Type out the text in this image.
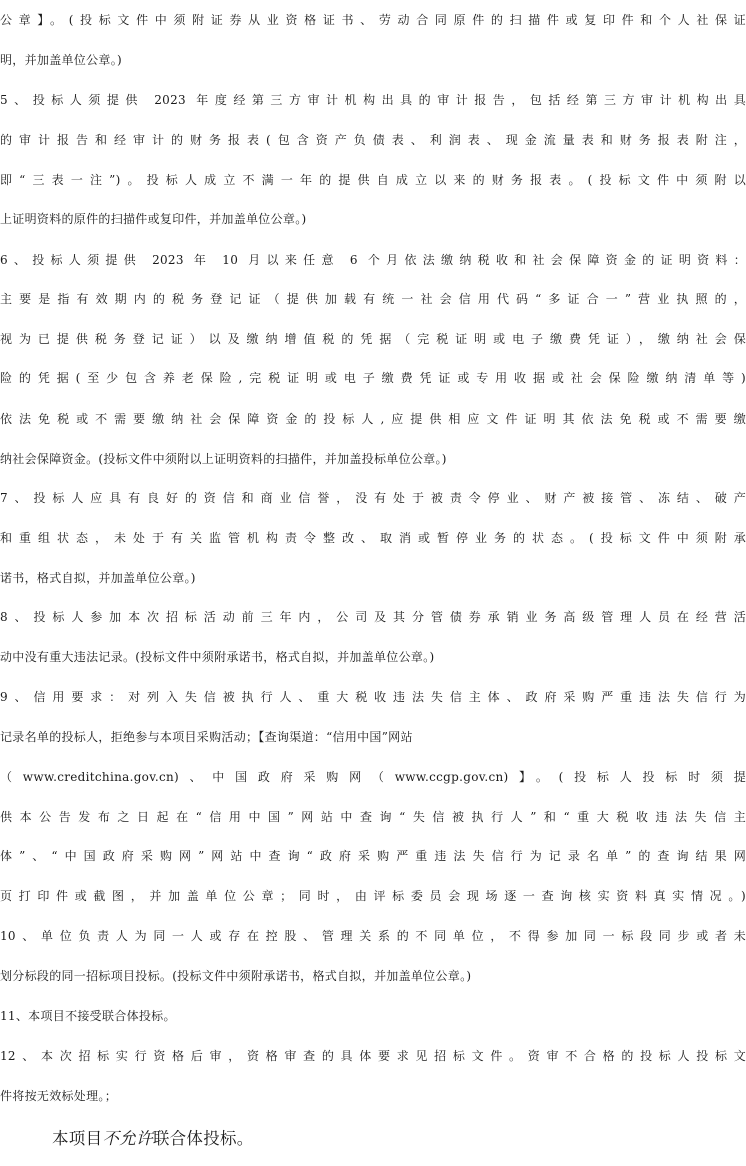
公章】。(投标文件中须附证券从业资格证书、劳动合同原件的扫描件或复印件和个人社保证
明，并加盖单位公章。)
5、投标人须提供 2023 年度经第三方审计机构出具的审计报告，包括经第三方审计机构出具
的审计报告和经审计的财务报表(包含资产负债表、利润表、现金流量表和财务报表附注，
即“三表一注”)。投标人成立不满一年的提供自成立以来的财务报表。(投标文件中须附以
上证明资料的原件的扫描件或复印件，并加盖单位公章。)
6、投标人须提供 2023 年 10 月以来任意 6 个月依法缴纳税收和社会保障资金的证明资料：
主要是指有效期内的税务登记证（提供加载有统一社会信用代码“多证合一”营业执照的，
视为已提供税务登记证）以及缴纳增值税的凭据（完税证明或电子缴费凭证），缴纳社会保
险的凭据(至少包含养老保险,完税证明或电子缴费凭证或专用收据或社会保险缴纳清单等)
依法免税或不需要缴纳社会保障资金的投标人,应提供相应文件证明其依法免税或不需要缴
纳社会保障资金。(投标文件中须附以上证明资料的扫描件，并加盖投标单位公章。)
7、投标人应具有良好的资信和商业信誉，没有处于被责令停业、财产被接管、冻结、破产
和重组状态，未处于有关监管机构责令整改、取消或暂停业务的状态。(投标文件中须附承
诺书，格式自拟，并加盖单位公章。)
8、投标人参加本次招标活动前三年内，公司及其分管债券承销业务高级管理人员在经营活
动中没有重大违法记录。(投标文件中须附承诺书，格式自拟，并加盖单位公章。)
9、信用要求：对列入失信被执行人、重大税收违法失信主体、政府采购严重违法失信行为
记录名单的投标人，拒绝参与本项目采购活动；【查询渠道：“信用中国”网站
（www.creditchina.gov.cn)、中国政府采购网（www.ccgp.gov.cn)】。(投标人投标时须提
供本公告发布之日起在“信用中国”网站中查询“失信被执行人”和“重大税收违法失信主
体”、“中国政府采购网”网站中查询“政府采购严重违法失信行为记录名单”的查询结果网
页打印件或截图，并加盖单位公章；同时，由评标委员会现场逐一查询核实资料真实情况。)
10、单位负责人为同一人或存在控股、管理关系的不同单位，不得参加同一标段同步或者未
划分标段的同一招标项目投标。(投标文件中须附承诺书，格式自拟，并加盖单位公章。)
11、本项目不接受联合体投标。
12、本次招标实行资格后审，资格审查的具体要求见招标文件。资审不合格的投标人投标文
件将按无效标处理。；
本项目不允许联合体投标。
